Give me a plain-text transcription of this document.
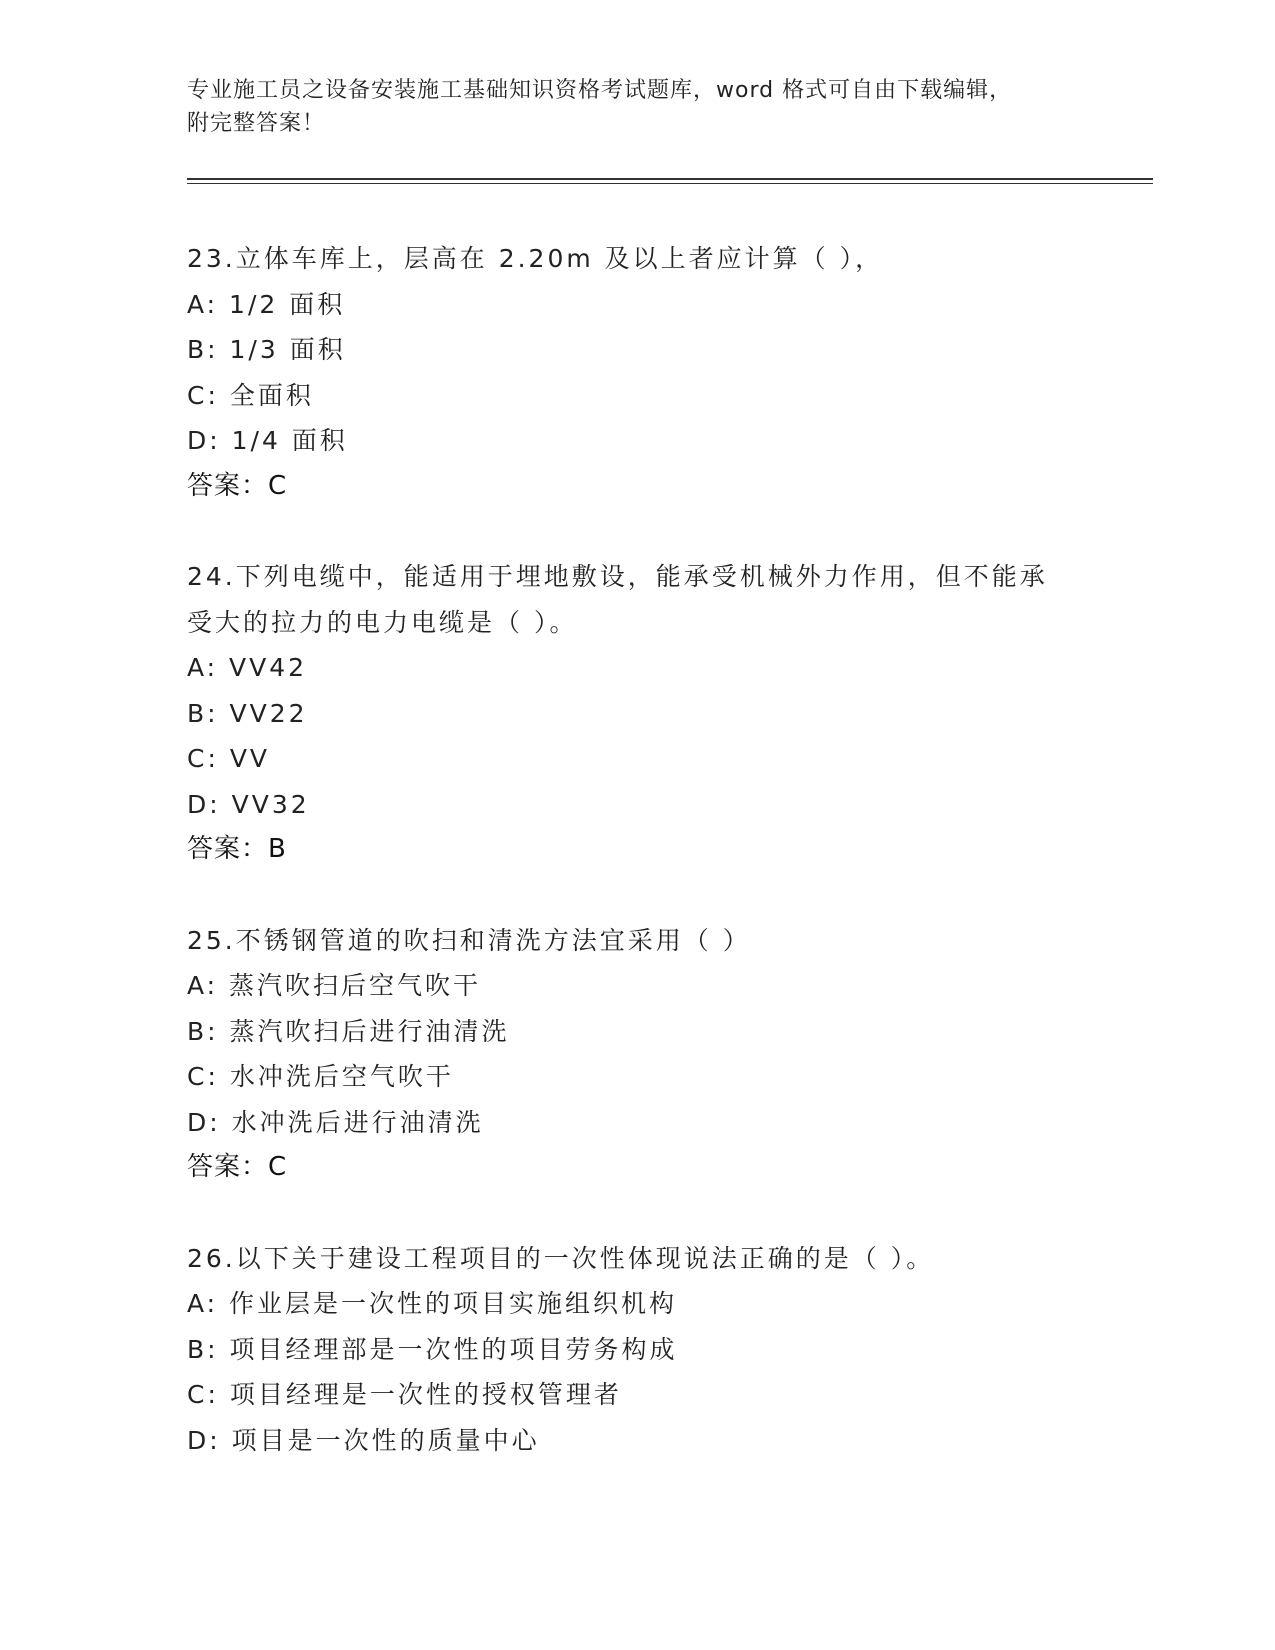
专业施工员之设备安装施工基础知识资格考试题库，word 格式可自由下载编辑，
附完整答案！
23.立体车库上，层高在 2.20m 及以上者应计算（ ），
A: 1/2 面积
B: 1/3 面积
C: 全面积
D: 1/4 面积
答案：C
24.下列电缆中，能适用于埋地敷设，能承受机械外力作用，但不能承
受大的拉力的电力电缆是（ ）。
A: VV42
B: VV22
C: VV
D: VV32
答案：B
25.不锈钢管道的吹扫和清洗方法宜采用（ ）
A: 蒸汽吹扫后空气吹干
B: 蒸汽吹扫后进行油清洗
C: 水冲洗后空气吹干
D: 水冲洗后进行油清洗
答案：C
26.以下关于建设工程项目的一次性体现说法正确的是（ ）。
A: 作业层是一次性的项目实施组织机构
B: 项目经理部是一次性的项目劳务构成
C: 项目经理是一次性的授权管理者
D: 项目是一次性的质量中心
